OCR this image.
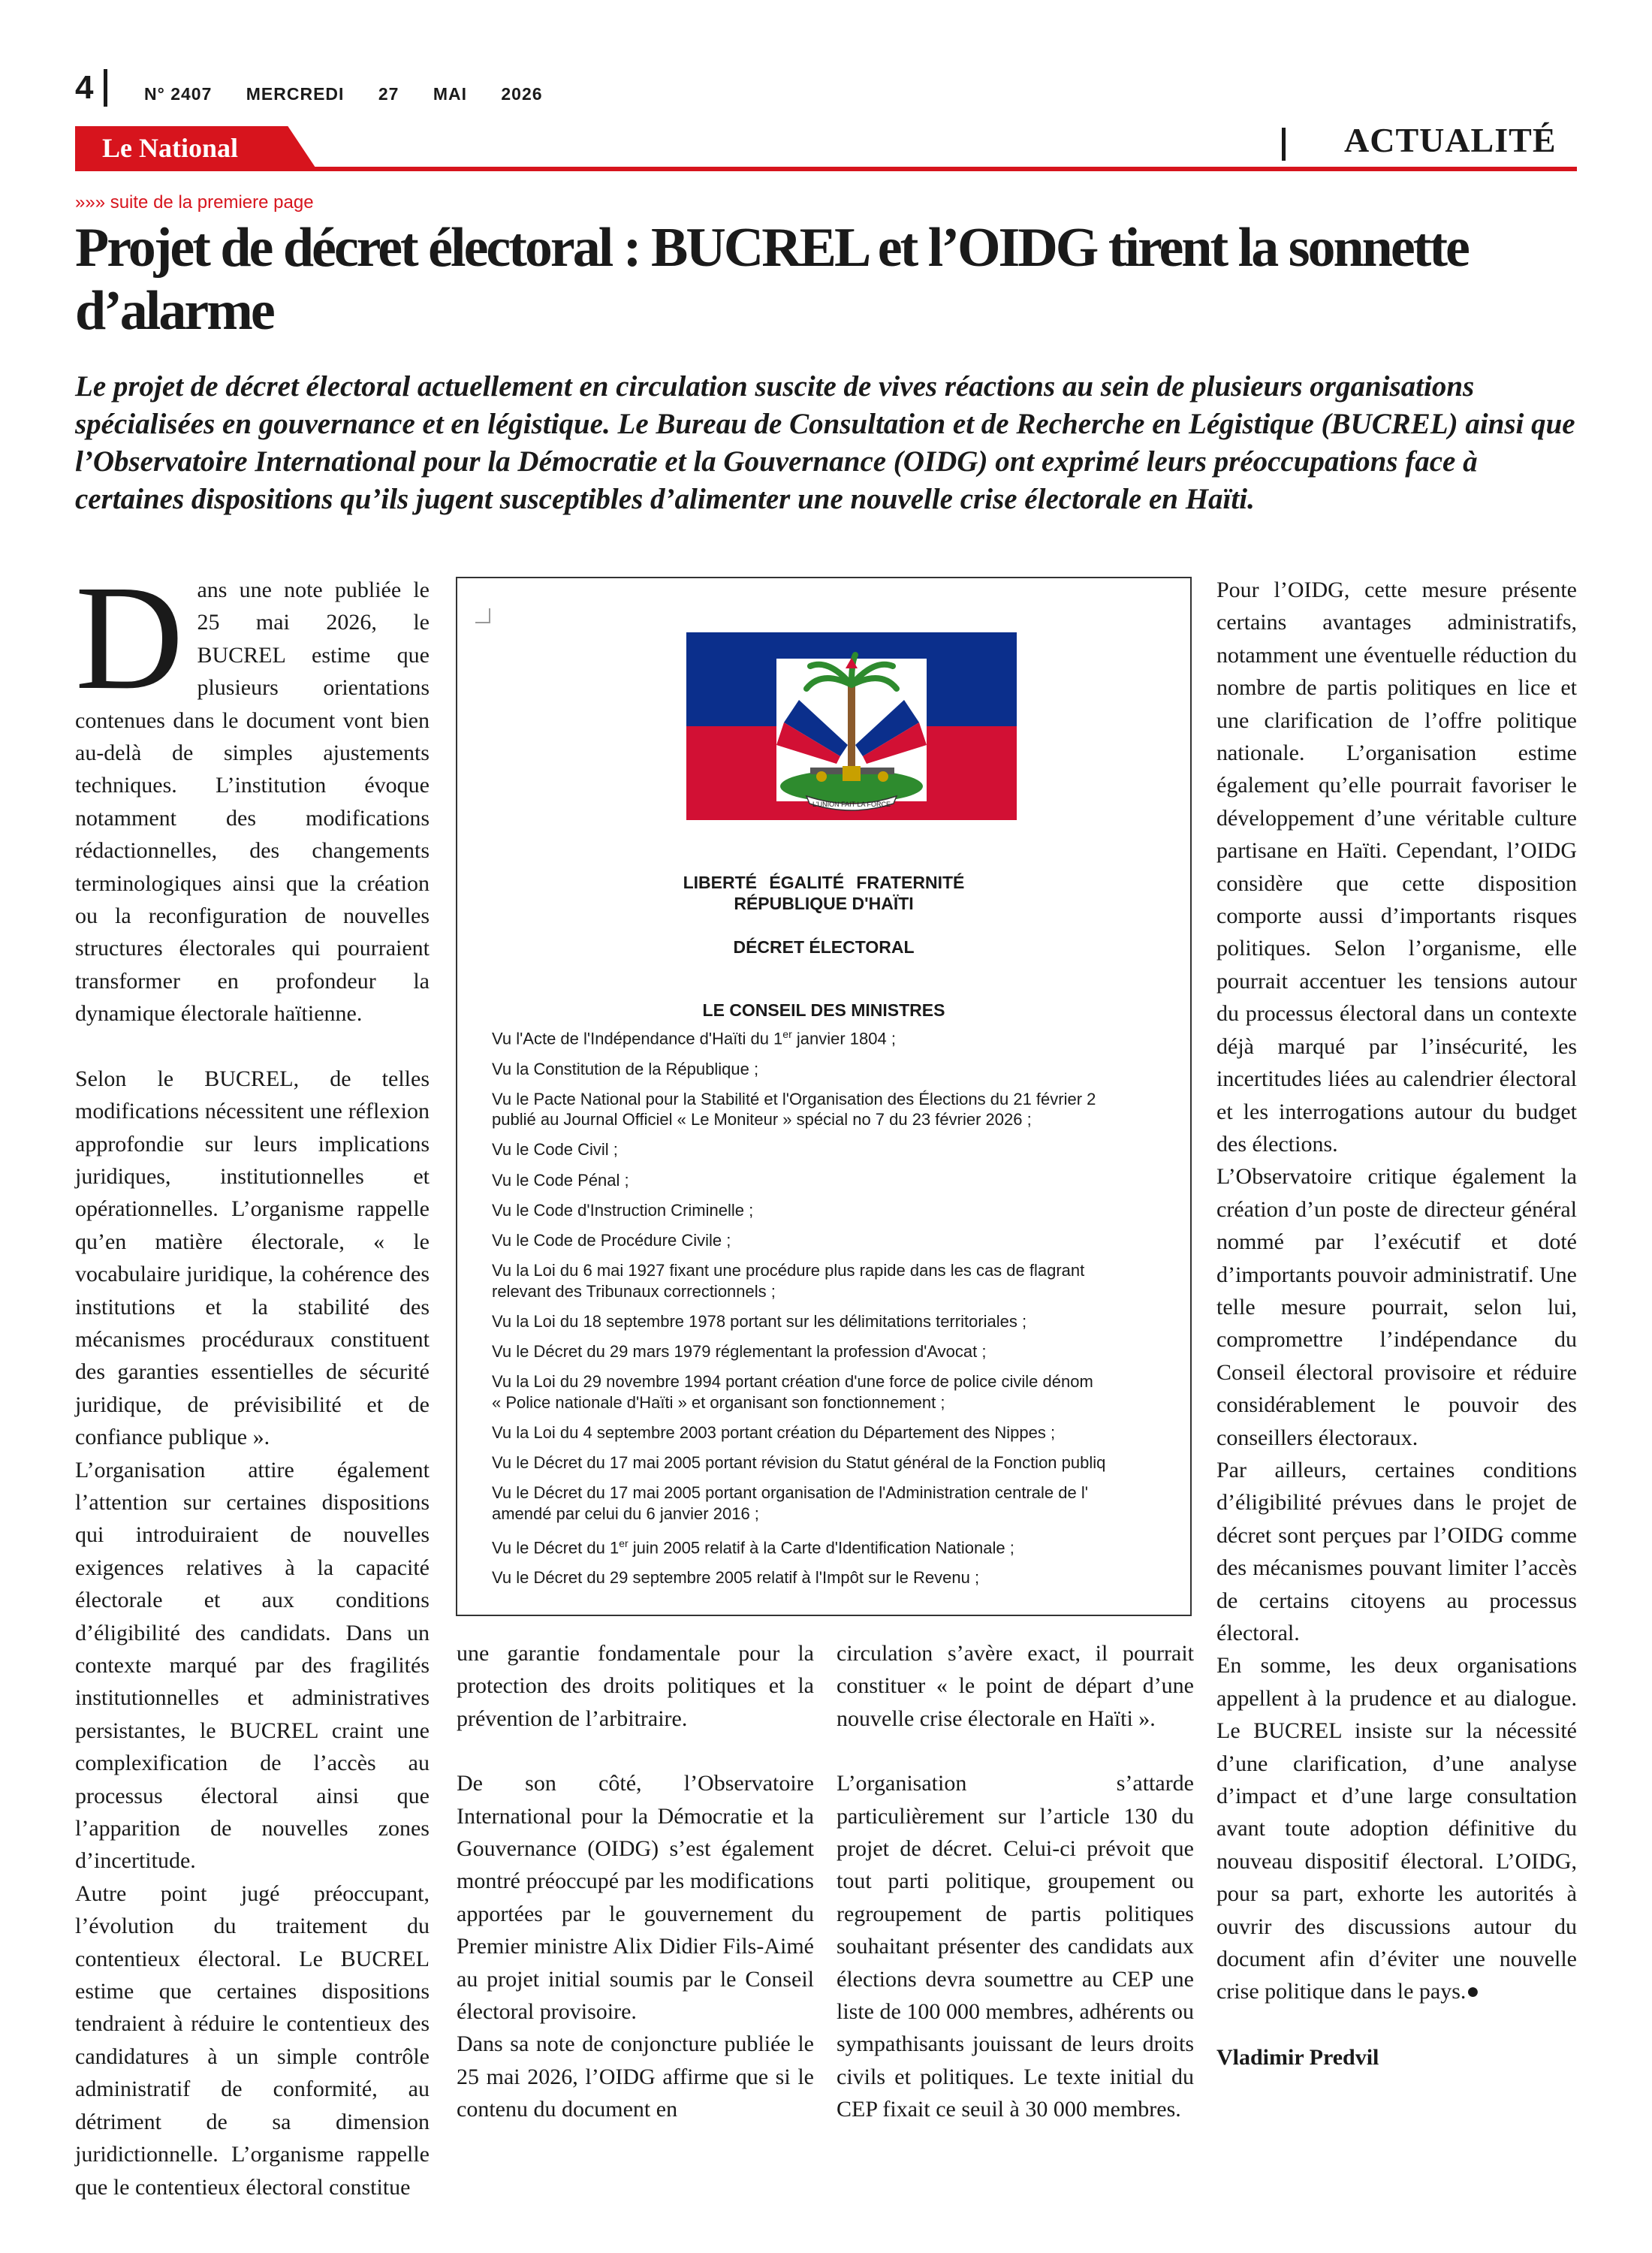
4	N° 2407 MERCREDI 27 MAI 2026
Le National	ACTUALITÉ
»»» suite de la premiere page
Projet de décret électoral : BUCREL et l’OIDG tirent la sonnette d’alarme
Le projet de décret électoral actuellement en circulation suscite de vives réactions au sein de plusieurs organisations spécialisées en gouvernance et en légistique. Le Bureau de Consultation et de Recherche en Légistique (BUCREL) ainsi que l’Observatoire International pour la Démocratie et la Gouvernance (OIDG) ont exprimé leurs préoccupations face à certaines dispositions qu’ils jugent susceptibles d’alimenter une nouvelle crise électorale en Haïti.

Dans une note publiée le 25 mai 2026, le BUCREL estime que plusieurs orientations contenues dans le document vont bien au-delà de simples ajustements techniques. L’institution évoque notamment des modifications rédactionnelles, des changements terminologiques ainsi que la création ou la reconfiguration de nouvelles structures électorales qui pourraient transformer en profondeur la dynamique électorale haïtienne.

Selon le BUCREL, de telles modifications nécessitent une réflexion approfondie sur leurs implications juridiques, institutionnelles et opérationnelles. L’organisme rappelle qu’en matière électorale, « le vocabulaire juridique, la cohérence des institutions et la stabilité des mécanismes procéduraux constituent des garanties essentielles de sécurité juridique, de prévisibilité et de confiance publique ».

L’organisation attire également l’attention sur certaines dispositions qui introduiraient de nouvelles exigences relatives à la capacité électorale et aux conditions d’éligibilité des candidats. Dans un contexte marqué par des fragilités institutionnelles et administratives persistantes, le BUCREL craint une complexification de l’accès au processus électoral ainsi que l’apparition de nouvelles zones d’incertitude.

Autre point jugé préoccupant, l’évolution du traitement du contentieux électoral. Le BUCREL estime que certaines dispositions tendraient à réduire le contentieux des candidatures à un simple contrôle administratif de conformité, au détriment de sa dimension juridictionnelle. L’organisme rappelle que le contentieux électoral constitue

L'UNION FAIT LA FORCE
LIBERTÉ ÉGALITÉ FRATERNITÉ
RÉPUBLIQUE D'HAÏTI
DÉCRET ÉLECTORAL
LE CONSEIL DES MINISTRES
Vu l'Acte de l'Indépendance d'Haïti du 1er janvier 1804 ;
Vu la Constitution de la République ;
Vu le Pacte National pour la Stabilité et l'Organisation des Élections du 21 février 2
publié au Journal Officiel « Le Moniteur » spécial no 7 du 23 février 2026 ;
Vu le Code Civil ;
Vu le Code Pénal ;
Vu le Code d'Instruction Criminelle ;
Vu le Code de Procédure Civile ;
Vu la Loi du 6 mai 1927 fixant une procédure plus rapide dans les cas de flagrant
relevant des Tribunaux correctionnels ;
Vu la Loi du 18 septembre 1978 portant sur les délimitations territoriales ;
Vu le Décret du 29 mars 1979 réglementant la profession d'Avocat ;
Vu la Loi du 29 novembre 1994 portant création d'une force de police civile dénom
« Police nationale d'Haïti » et organisant son fonctionnement ;
Vu la Loi du 4 septembre 2003 portant création du Département des Nippes ;
Vu le Décret du 17 mai 2005 portant révision du Statut général de la Fonction publiq
Vu le Décret du 17 mai 2005 portant organisation de l'Administration centrale de l'
amendé par celui du 6 janvier 2016 ;
Vu le Décret du 1er juin 2005 relatif à la Carte d'Identification Nationale ;
Vu le Décret du 29 septembre 2005 relatif à l'Impôt sur le Revenu ;

une garantie fondamentale pour la protection des droits politiques et la prévention de l’arbitraire.

De son côté, l’Observatoire International pour la Démocratie et la Gouvernance (OIDG) s’est également montré préoccupé par les modifications apportées par le gouvernement du Premier ministre Alix Didier Fils-Aimé au projet initial soumis par le Conseil électoral provisoire.

Dans sa note de conjoncture publiée le 25 mai 2026, l’OIDG affirme que si le contenu du document en

circulation s’avère exact, il pourrait constituer « le point de départ d’une nouvelle crise électorale en Haïti ».

L’organisation s’attarde particulièrement sur l’article 130 du projet de décret. Celui-ci prévoit que tout parti politique, groupement ou regroupement de partis politiques souhaitant présenter des candidats aux élections devra soumettre au CEP une liste de 100 000 membres, adhérents ou sympathisants jouissant de leurs droits civils et politiques. Le texte initial du CEP fixait ce seuil à 30 000 membres.

Pour l’OIDG, cette mesure présente certains avantages administratifs, notamment une éventuelle réduction du nombre de partis politiques en lice et une clarification de l’offre politique nationale. L’organisation estime également qu’elle pourrait favoriser le développement d’une véritable culture partisane en Haïti. Cependant, l’OIDG considère que cette disposition comporte aussi d’importants risques politiques. Selon l’organisme, elle pourrait accentuer les tensions autour du processus électoral dans un contexte déjà marqué par l’insécurité, les incertitudes liées au calendrier électoral et les interrogations autour du budget des élections.

L’Observatoire critique également la création d’un poste de directeur général nommé par l’exécutif et doté d’importants pouvoir administratif. Une telle mesure pourrait, selon lui, compromettre l’indépendance du Conseil électoral provisoire et réduire considérablement le pouvoir des conseillers électoraux.

Par ailleurs, certaines conditions d’éligibilité prévues dans le projet de décret sont perçues par l’OIDG comme des mécanismes pouvant limiter l’accès de certains citoyens au processus électoral.

En somme, les deux organisations appellent à la prudence et au dialogue. Le BUCREL insiste sur la nécessité d’une clarification, d’une analyse d’impact et d’une large consultation avant toute adoption définitive du nouveau dispositif électoral. L’OIDG, pour sa part, exhorte les autorités à ouvrir des discussions autour du document afin d’éviter une nouvelle crise politique dans le pays.●

Vladimir Predvil
